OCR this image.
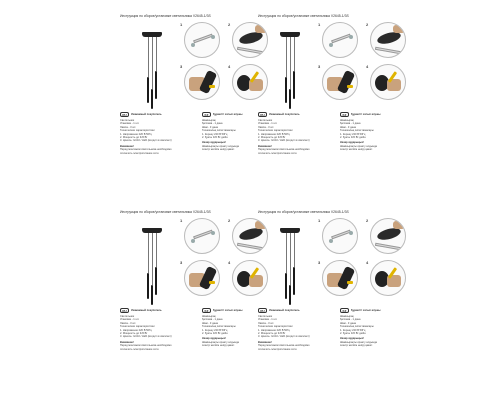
Инструкция по сборке/установке светильника V2645-1/3S
1	2
3	4
RU	Уважаемый покупатель
Светильник
Упаковка - 1 шт.
Лампа - 3 шт.
Технические характеристики
1. Напряжение 220 В 50Гц
2. Мощность до 3x5 Вт
3. Цоколь: GU10 / LED (входит в комплект)
Внимание!
Перед монтажом светильника необходимо
отключить электропитание сети.
KZ	Құрметті сатып алушы
Шамшырақ
Қаптама - 1 дана
Шам - 3 дана
Техникалық сипаттамалары
1. Кернеу 220 В 50Гц
2. Қуаты 3x5 Вт дейін
Назар аударыңыз!
Шамшырақты орнату алдында
электр желісін өшіру қажет.
Инструкция по сборке/установке светильника V2645-1/3S
1	2
3	4
RU	Уважаемый покупатель
Светильник
Упаковка - 1 шт.
Лампа - 3 шт.
Технические характеристики
1. Напряжение 220 В 50Гц
2. Мощность до 3x5 Вт
3. Цоколь: GU10 / LED (входит в комплект)
Внимание!
Перед монтажом светильника необходимо
отключить электропитание сети.
KZ	Құрметті сатып алушы
Шамшырақ
Қаптама - 1 дана
Шам - 3 дана
Техникалық сипаттамалары
1. Кернеу 220 В 50Гц
2. Қуаты 3x5 Вт дейін
Назар аударыңыз!
Шамшырақты орнату алдында
электр желісін өшіру қажет.
Инструкция по сборке/установке светильника V2645-1/3S
1	2
3	4
RU	Уважаемый покупатель
Светильник
Упаковка - 1 шт.
Лампа - 3 шт.
Технические характеристики
1. Напряжение 220 В 50Гц
2. Мощность до 3x5 Вт
3. Цоколь: GU10 / LED (входит в комплект)
Внимание!
Перед монтажом светильника необходимо
отключить электропитание сети.
KZ	Құрметті сатып алушы
Шамшырақ
Қаптама - 1 дана
Шам - 3 дана
Техникалық сипаттамалары
1. Кернеу 220 В 50Гц
2. Қуаты 3x5 Вт дейін
Назар аударыңыз!
Шамшырақты орнату алдында
электр желісін өшіру қажет.
Инструкция по сборке/установке светильника V2645-1/3S
1	2
3	4
RU	Уважаемый покупатель
Светильник
Упаковка - 1 шт.
Лампа - 3 шт.
Технические характеристики
1. Напряжение 220 В 50Гц
2. Мощность до 3x5 Вт
3. Цоколь: GU10 / LED (входит в комплект)
Внимание!
Перед монтажом светильника необходимо
отключить электропитание сети.
KZ	Құрметті сатып алушы
Шамшырақ
Қаптама - 1 дана
Шам - 3 дана
Техникалық сипаттамалары
1. Кернеу 220 В 50Гц
2. Қуаты 3x5 Вт дейін
Назар аударыңыз!
Шамшырақты орнату алдында
электр желісін өшіру қажет.
